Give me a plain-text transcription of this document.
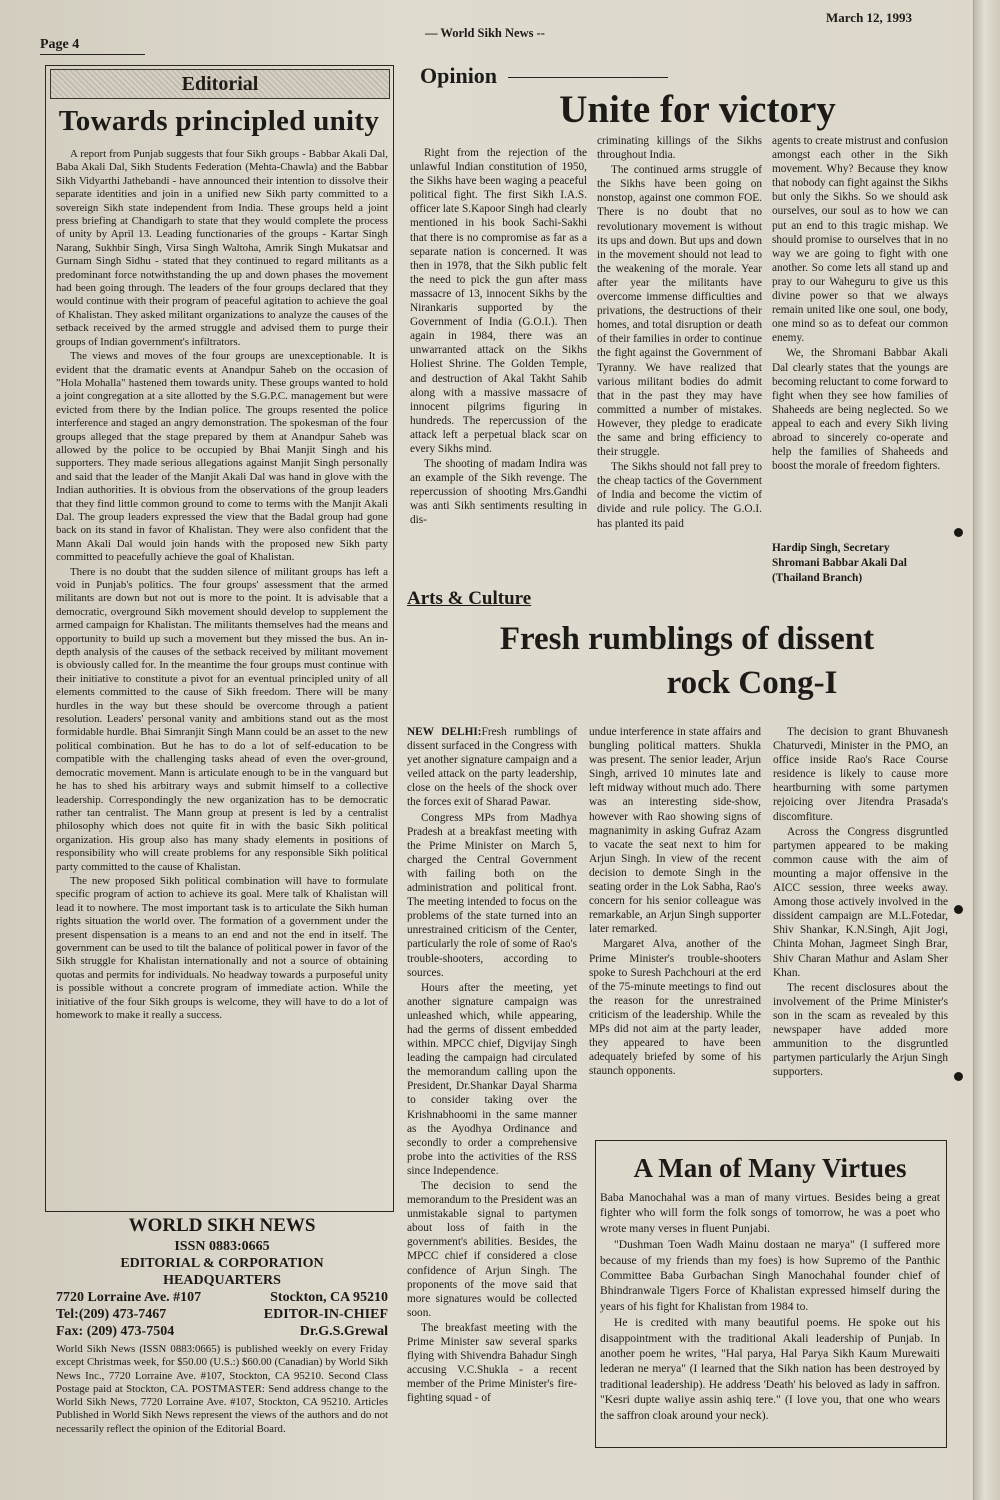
Page 4
— World Sikh News --
March 12, 1993
Editorial
Towards principled unity

A report from Punjab suggests that four Sikh groups - Babbar Akali Dal, Baba Akali Dal, Sikh Students Federation (Mehta-Chawla) and the Babbar Sikh Vidyarthi Jathebandi - have announced their intention to dissolve their separate identities and join in a unified new Sikh party committed to a sovereign Sikh state independent from India. These groups held a joint press briefing at Chandigarh to state that they would complete the process of unity by April 13. Leading functionaries of the groups - Kartar Singh Narang, Sukhbir Singh, Virsa Singh Waltoha, Amrik Singh Mukatsar and Gurnam Singh Sidhu - stated that they continued to regard militants as a predominant force notwithstanding the up and down phases the movement had been going through. The leaders of the four groups declared that they would continue with their program of peaceful agitation to achieve the goal of Khalistan. They asked militant organizations to analyze the causes of the setback received by the armed struggle and advised them to purge their groups of Indian government's infiltrators.

The views and moves of the four groups are unexceptionable. It is evident that the dramatic events at Anandpur Saheb on the occasion of "Hola Mohalla" hastened them towards unity. These groups wanted to hold a joint congregation at a site allotted by the S.G.P.C. management but were evicted from there by the Indian police. The groups resented the police interference and staged an angry demonstration. The spokesman of the four groups alleged that the stage prepared by them at Anandpur Saheb was allowed by the police to be occupied by Bhai Manjit Singh and his supporters. They made serious allegations against Manjit Singh personally and said that the leader of the Manjit Akali Dal was hand in glove with the Indian authorities. It is obvious from the observations of the group leaders that they find little common ground to come to terms with the Manjit Akali Dal. The group leaders expressed the view that the Badal group had gone back on its stand in favor of Khalistan. They were also confident that the Mann Akali Dal would join hands with the proposed new Sikh party committed to peacefully achieve the goal of Khalistan.

There is no doubt that the sudden silence of militant groups has left a void in Punjab's politics. The four groups' assessment that the armed militants are down but not out is more to the point. It is advisable that a democratic, overground Sikh movement should develop to supplement the armed campaign for Khalistan. The militants themselves had the means and opportunity to build up such a movement but they missed the bus. An in-depth analysis of the causes of the setback received by militant movement is obviously called for. In the meantime the four groups must continue with their initiative to constitute a pivot for an eventual principled unity of all elements committed to the cause of Sikh freedom. There will be many hurdles in the way but these should be overcome through a patient resolution. Leaders' personal vanity and ambitions stand out as the most formidable hurdle. Bhai Simranjit Singh Mann could be an asset to the new political combination. But he has to do a lot of self-education to be compatible with the challenging tasks ahead of even the over-ground, democratic movement. Mann is articulate enough to be in the vanguard but he has to shed his arbitrary ways and submit himself to a collective leadership. Correspondingly the new organization has to be democratic rather tan centralist. The Mann group at present is led by a centralist philosophy which does not quite fit in with the basic Sikh political organization. His group also has many shady elements in positions of responsibility who will create problems for any responsible Sikh political party committed to the cause of Khalistan.

The new proposed Sikh political combination will have to formulate specific program of action to achieve its goal. Mere talk of Khalistan will lead it to nowhere. The most important task is to articulate the Sikh human rights situation the world over. The formation of a government under the present dispensation is a means to an end and not the end in itself. The government can be used to tilt the balance of political power in favor of the Sikh struggle for Khalistan internationally and not a source of obtaining quotas and permits for individuals. No headway towards a purposeful unity is possible without a concrete program of immediate action. While the initiative of the four Sikh groups is welcome, they will have to do a lot of homework to make it really a success.

WORLD SIKH NEWS
ISSN 0883:0665
EDITORIAL & CORPORATION
HEADQUARTERS
7720 Lorraine Ave. #107	Stockton, CA 95210
Tel:(209) 473-7467	EDITOR-IN-CHIEF
Fax: (209) 473-7504	Dr.G.S.Grewal
World Sikh News (ISSN 0883:0665) is published weekly on every Friday except Christmas week, for $50.00 (U.S.:) $60.00 (Canadian) by World Sikh News Inc., 7720 Lorraine Ave. #107, Stockton, CA 95210. Second Class Postage paid at Stockton, CA. POSTMASTER: Send address change to the World Sikh News, 7720 Lorraine Ave. #107, Stockton, CA 95210. Articles Published in World Sikh News represent the views of the authors and do not necessarily reflect the opinion of the Editorial Board.
Opinion
Unite for victory

Right from the rejection of the unlawful Indian constitution of 1950, the Sikhs have been waging a peaceful political fight. The first Sikh I.A.S. officer late S.Kapoor Singh had clearly mentioned in his book Sachi-Sakhi that there is no compromise as far as a separate nation is concerned. It was then in 1978, that the Sikh public felt the need to pick the gun after mass massacre of 13, innocent Sikhs by the Nirankaris supported by the Government of India (G.O.I.). Then again in 1984, there was an unwarranted attack on the Sikhs Holiest Shrine. The Golden Temple, and destruction of Akal Takht Sahib along with a massive massacre of innocent pilgrims figuring in hundreds. The repercussion of the attack left a perpetual black scar on every Sikhs mind.

The shooting of madam Indira was an example of the Sikh revenge. The repercussion of shooting Mrs.Gandhi was anti Sikh sentiments resulting in dis-

criminating killings of the Sikhs throughout India.

The continued arms struggle of the Sikhs have been going on nonstop, against one common FOE. There is no doubt that no revolutionary movement is without its ups and down. But ups and down in the movement should not lead to the weakening of the morale. Year after year the militants have overcome immense difficulties and privations, the destructions of their homes, and total disruption or death of their families in order to continue the fight against the Government of Tyranny. We have realized that various militant bodies do admit that in the past they may have committed a number of mistakes. However, they pledge to eradicate the same and bring efficiency to their struggle.

The Sikhs should not fall prey to the cheap tactics of the Government of India and become the victim of divide and rule policy. The G.O.I. has planted its paid

agents to create mistrust and confusion amongst each other in the Sikh movement. Why? Because they know that nobody can fight against the Sikhs but only the Sikhs. So we should ask ourselves, our soul as to how we can put an end to this tragic mishap. We should promise to ourselves that in no way we are going to fight with one another. So come lets all stand up and pray to our Waheguru to give us this divine power so that we always remain united like one soul, one body, one mind so as to defeat our common enemy.

We, the Shromani Babbar Akali Dal clearly states that the youngs are becoming reluctant to come forward to fight when they see how families of Shaheeds are being neglected. So we appeal to each and every Sikh living abroad to sincerely co-operate and help the families of Shaheeds and boost the morale of freedom fighters.

Hardip Singh, Secretary
Shromani Babbar Akali Dal
(Thailand Branch)
Arts & Culture
Fresh rumblings of dissent
rock Cong-I

NEW DELHI:Fresh rumblings of dissent surfaced in the Congress with yet another signature campaign and a veiled attack on the party leadership, close on the heels of the shock over the forces exit of Sharad Pawar.

Congress MPs from Madhya Pradesh at a breakfast meeting with the Prime Minister on March 5, charged the Central Government with failing both on the administration and political front. The meeting intended to focus on the problems of the state turned into an unrestrained criticism of the Center, particularly the role of some of Rao's trouble-shooters, according to sources.

Hours after the meeting, yet another signature campaign was unleashed which, while appearing, had the germs of dissent embedded within. MPCC chief, Digvijay Singh leading the campaign had circulated the memorandum calling upon the President, Dr.Shankar Dayal Sharma to consider taking over the Krishnabhoomi in the same manner as the Ayodhya Ordinance and secondly to order a comprehensive probe into the activities of the RSS since Independence.

The decision to send the memorandum to the President was an unmistakable signal to partymen about loss of faith in the government's abilities. Besides, the MPCC chief if considered a close confidence of Arjun Singh. The proponents of the move said that more signatures would be collected soon.

The breakfast meeting with the Prime Minister saw several sparks flying with Shivendra Bahadur Singh accusing V.C.Shukla - a recent member of the Prime Minister's fire-fighting squad - of

undue interference in state affairs and bungling political matters. Shukla was present. The senior leader, Arjun Singh, arrived 10 minutes late and left midway without much ado. There was an interesting side-show, however with Rao showing signs of magnanimity in asking Gufraz Azam to vacate the seat next to him for Arjun Singh. In view of the recent decision to demote Singh in the seating order in the Lok Sabha, Rao's concern for his senior colleague was remarkable, an Arjun Singh supporter later remarked.

Margaret Alva, another of the Prime Minister's trouble-shooters spoke to Suresh Pachchouri at the erd of the 75-minute meetings to find out the reason for the unrestrained criticism of the leadership. While the MPs did not aim at the party leader, they appeared to have been adequately briefed by some of his staunch opponents.

The decision to grant Bhuvanesh Chaturvedi, Minister in the PMO, an office inside Rao's Race Course residence is likely to cause more heartburning with some partymen rejoicing over Jitendra Prasada's discomfiture.

Across the Congress disgruntled partymen appeared to be making common cause with the aim of mounting a major offensive in the AICC session, three weeks away. Among those actively involved in the dissident campaign are M.L.Fotedar, Shiv Shankar, K.N.Singh, Ajit Jogi, Chinta Mohan, Jagmeet Singh Brar, Shiv Charan Mathur and Aslam Sher Khan.

The recent disclosures about the involvement of the Prime Minister's son in the scam as revealed by this newspaper have added more ammunition to the disgruntled partymen particularly the Arjun Singh supporters.

A Man of Many Virtues

Baba Manochahal was a man of many virtues. Besides being a great fighter who will form the folk songs of tomorrow, he was a poet who wrote many verses in fluent Punjabi.

"Dushman Toen Wadh Mainu dostaan ne marya" (I suffered more because of my friends than my foes) is how Supremo of the Panthic Committee Baba Gurbachan Singh Manochahal founder chief of Bhindranwale Tigers Force of Khalistan expressed himself during the years of his fight for Khalistan from 1984 to.

He is credited with many beautiful poems. He spoke out his disappointment with the traditional Akali leadership of Punjab. In another poem he writes, "Hal parya, Hal Parya Sikh Kaum Murewaiti lederan ne merya" (I learned that the Sikh nation has been destroyed by traditional leadership). He address 'Death' his beloved as lady in saffron. "Kesri dupte waliye assin ashiq tere." (I love you, that one who wears the saffron cloak around your neck).
